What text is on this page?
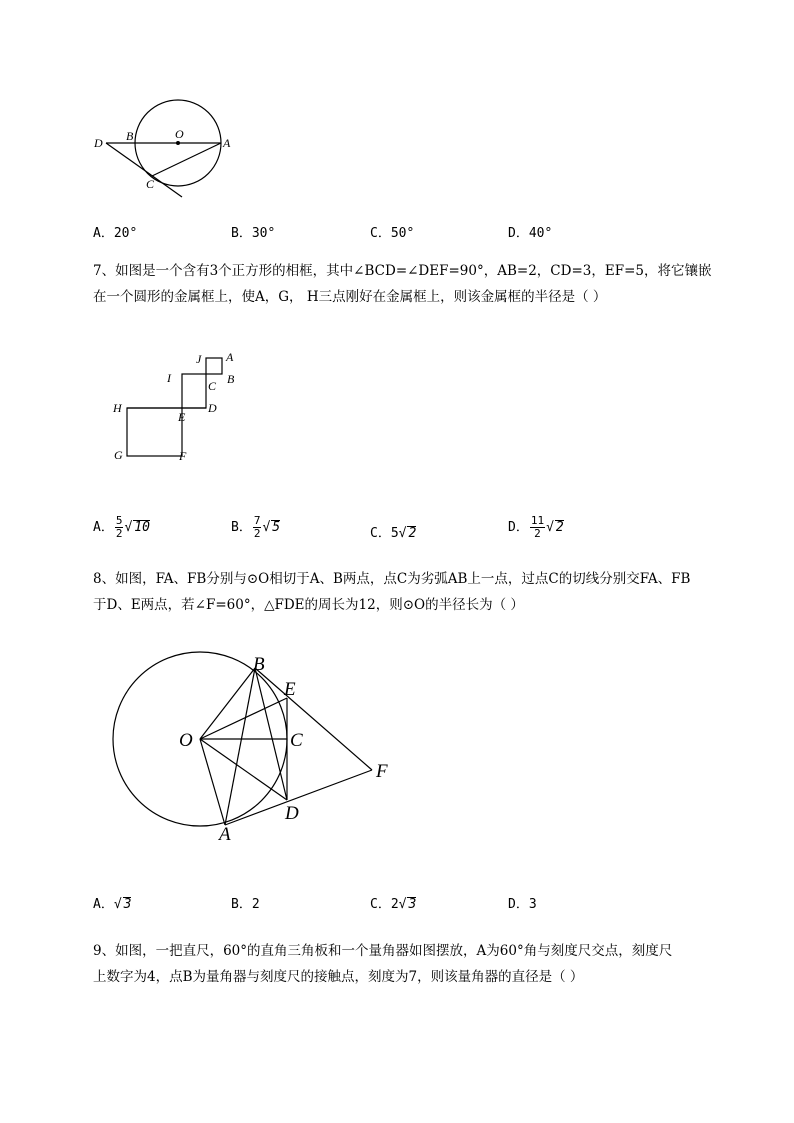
D B	O
A
C
A．20°	B．30°	C．50°	D．40°
7、如图是一个含有3个正方形的相框，其中∠BCD=∠DEF=90°，AB=2，CD=3，EF=5，将它镶嵌
在一个圆形的金属框上，使A，G， H三点刚好在金属框上，则该金属框的半径是（ ）
J A
I
C B
H
E
D
G	F
A． $\frac{5}{2}$ √ 10	B． $\frac{7}{2}$ √ 5	C．5√ 2	D． $\frac{11}{2}$ √ 2
8、如图，FA、FB分别与⊙O相切于A、B两点，点C为劣弧AB上一点，过点C的切线分别交FA、FB
于D、E两点，若∠F=60°，△FDE的周长为12，则⊙O的半径长为（ ）
B
E
O	C
F
D
A
A．√ 3	B．2	C．2√ 3	D．3
9、如图，一把直尺，60°的直角三角板和一个量角器如图摆放，A为60°角与刻度尺交点，刻度尺
上数字为4，点B为量角器与刻度尺的接触点，刻度为7，则该量角器的直径是（ ）
